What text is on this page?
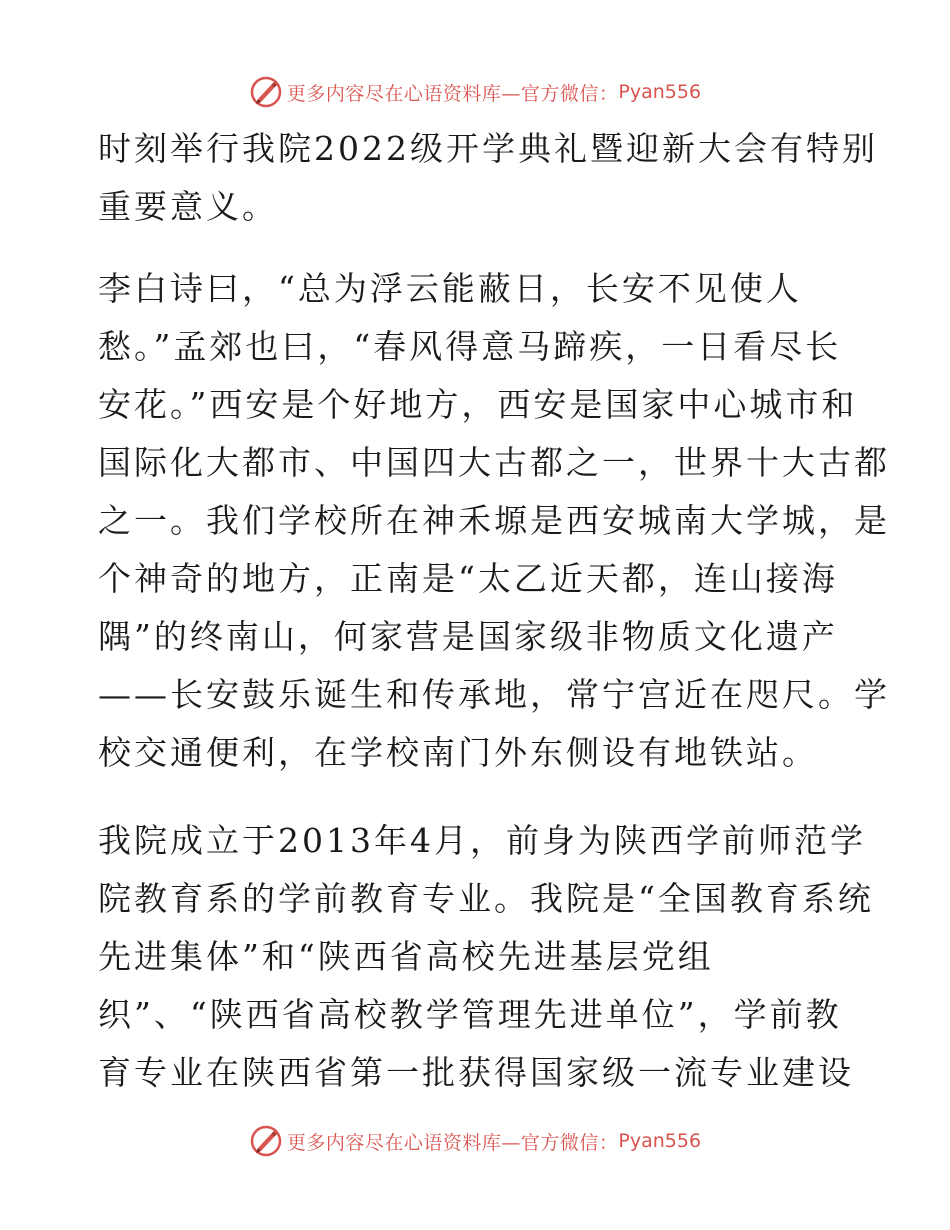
更多内容尽在心语资料库—官方微信： Pyan556
时刻举行我院2022级开学典礼暨迎新大会有特别
重要意义。
李白诗曰，“总为浮云能蔽日，长安不见使人
愁。”孟郊也曰，“春风得意马蹄疾，一日看尽长
安花。”西安是个好地方，西安是国家中心城市和
国际化大都市、中国四大古都之一，世界十大古都
之一。我们学校所在神禾塬是西安城南大学城，是
个神奇的地方，正南是“太乙近天都，连山接海
隅”的终南山，何家营是国家级非物质文化遗产
——长安鼓乐诞生和传承地，常宁宫近在咫尺。学
校交通便利，在学校南门外东侧设有地铁站。
我院成立于2013年4月，前身为陕西学前师范学
院教育系的学前教育专业。我院是“全国教育系统
先进集体”和“陕西省高校先进基层党组
织”、“陕西省高校教学管理先进单位”，学前教
育专业在陕西省第一批获得国家级一流专业建设
更多内容尽在心语资料库—官方微信： Pyan556
